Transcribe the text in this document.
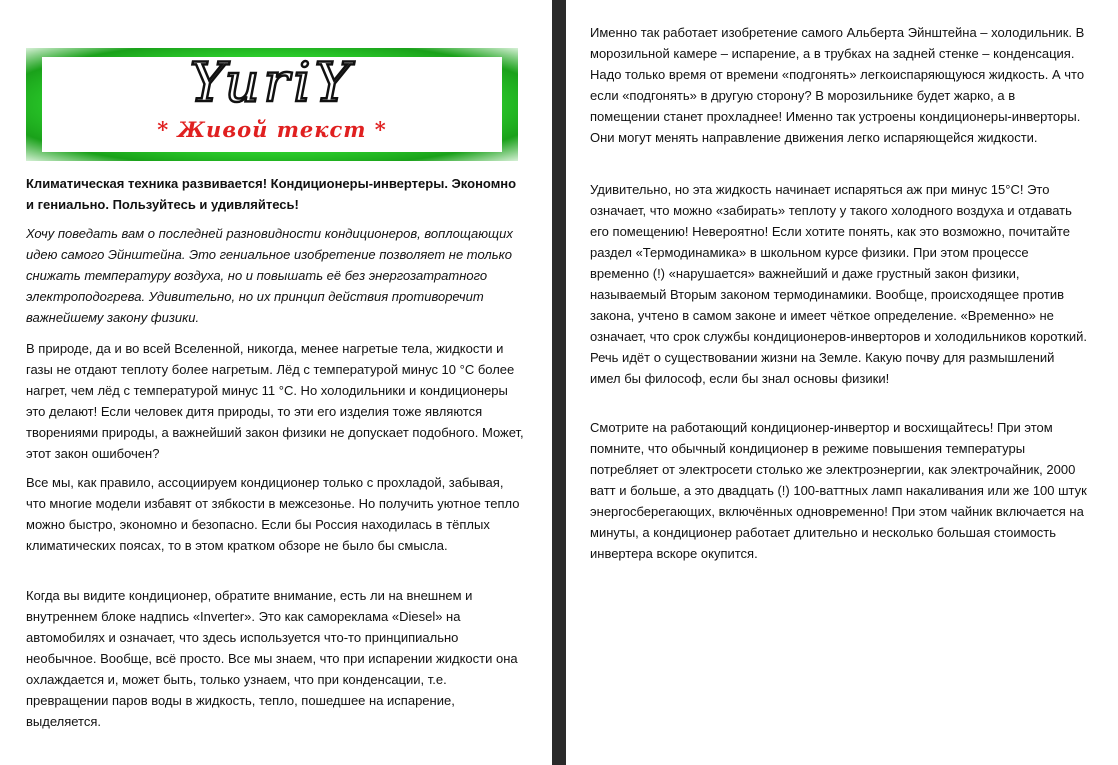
YuriY
* Живой текст *

Климатическая техника развивается! Кондиционеры-инвертеры. Экономно и гениально. Пользуйтесь и удивляйтесь!

Хочу поведать вам о последней разновидности кондиционеров, воплощающих идею самого Эйнштейна. Это гениальное изобретение позволяет не только снижать температуру воздуха, но и повышать её без энергозатратного электроподогрева. Удивительно, но их принцип действия противоречит важнейшему закону физики.

В природе, да и во всей Вселенной, никогда, менее нагретые тела, жидкости и газы не отдают теплоту более нагретым. Лёд с температурой минус 10 °С более нагрет, чем лёд с температурой минус 11 °С. Но холодильники и кондиционеры это делают! Если человек дитя природы, то эти его изделия тоже являются творениями природы, а важнейший закон физики не допускает подобного. Может, этот закон ошибочен?

Все мы, как правило, ассоциируем кондиционер только с прохладой, забывая, что многие модели избавят от зябкости в межсезонье. Но получить уютное тепло можно быстро, экономно и безопасно. Если бы Россия находилась в тёплых климатических поясах, то в этом кратком обзоре не было бы смысла.

Когда вы видите кондиционер, обратите внимание, есть ли на внешнем и внутреннем блоке надпись «Inverter». Это как самореклама «Diesel» на автомобилях и означает, что здесь используется что-то принципиально необычное. Вообще, всё просто. Все мы знаем, что при испарении жидкости она охлаждается и, может быть, только узнаем, что при конденсации, т.е. превращении паров воды в жидкость, тепло, пошедшее на испарение, выделяется.

Именно так работает изобретение самого Альберта Эйнштейна – холодильник. В морозильной камере – испарение, а в трубках на задней стенке – конденсация. Надо только время от времени «подгонять» легкоиспаряющуюся жидкость. А что если «подгонять» в другую сторону? В морозильнике будет жарко, а в помещении станет прохладнее! Именно так устроены кондиционеры-инверторы. Они могут менять направление движения легко испаряющейся жидкости.

Удивительно, но эта жидкость начинает испаряться аж при минус 15°С! Это означает, что можно «забирать» теплоту у такого холодного воздуха и отдавать его помещению! Невероятно! Если хотите понять, как это возможно, почитайте раздел «Термодинамика» в школьном курсе физики. При этом процессе временно (!) «нарушается» важнейший и даже грустный закон физики, называемый Вторым законом термодинамики. Вообще, происходящее против закона, учтено в самом законе и имеет чёткое определение. «Временно» не означает, что срок службы кондиционеров-инверторов и холодильников короткий. Речь идёт о существовании жизни на Земле. Какую почву для размышлений имел бы философ, если бы знал основы физики!

Смотрите на работающий кондиционер-инвертор и восхищайтесь! При этом помните, что обычный кондиционер в режиме повышения температуры потребляет от электросети столько же электроэнергии, как электрочайник, 2000 ватт и больше, а это двадцать (!) 100-ваттных ламп накаливания или же 100 штук энергосберегающих, включённых одновременно! При этом чайник включается на минуты, а кондиционер работает длительно и несколько большая стоимость инвертера вскоре окупится.
